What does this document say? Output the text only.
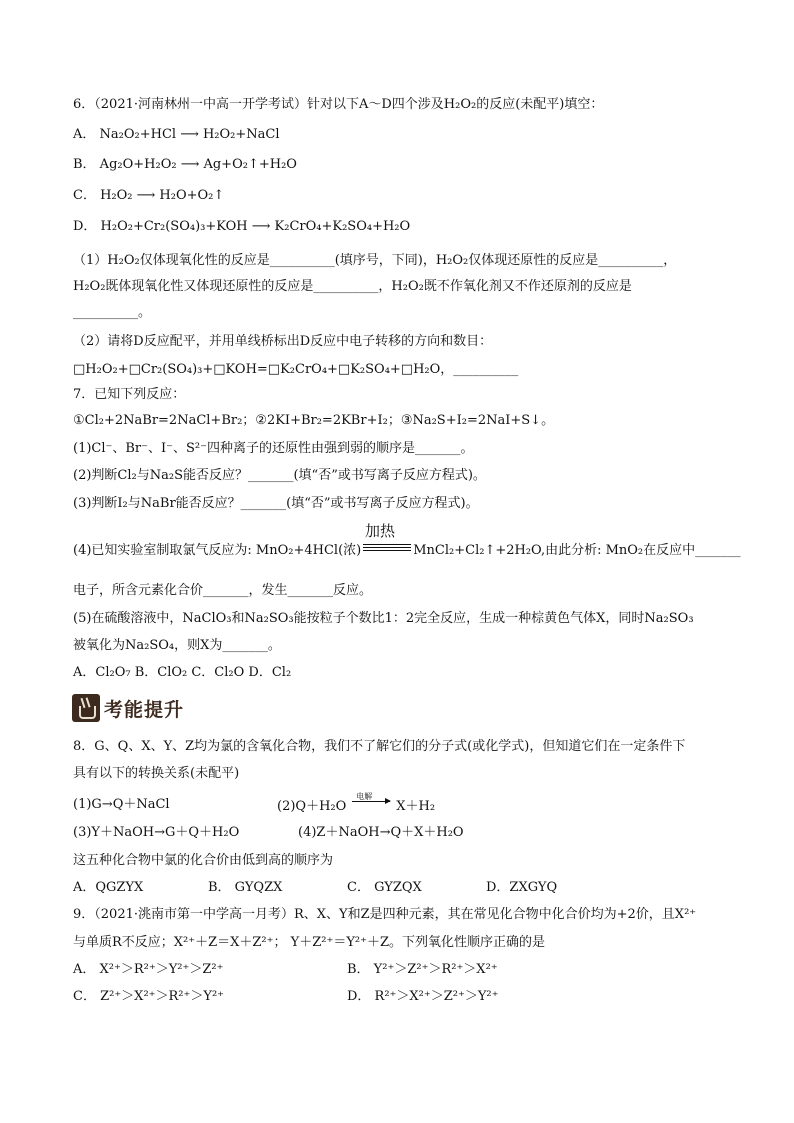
6．（2021·河南林州一中高一开学考试）针对以下A～D四个涉及H₂O₂的反应(未配平)填空：
A． Na₂O₂+HCl ⟶ H₂O₂+NaCl
B． Ag₂O+H₂O₂ ⟶ Ag+O₂↑+H₂O
C． H₂O₂ ⟶ H₂O+O₂↑
D． H₂O₂+Cr₂(SO₄)₃+KOH ⟶ K₂CrO₄+K₂SO₄+H₂O
（1）H₂O₂仅体现氧化性的反应是__________(填序号，下同)，H₂O₂仅体现还原性的反应是__________，
H₂O₂既体现氧化性又体现还原性的反应是__________，H₂O₂既不作氧化剂又不作还原剂的反应是
__________。
（2）请将D反应配平，并用单线桥标出D反应中电子转移的方向和数目：
□H₂O₂+□Cr₂(SO₄)₃+□KOH=□K₂CrO₄+□K₂SO₄+□H₂O，__________
7．已知下列反应：
①Cl₂+2NaBr=2NaCl+Br₂；②2KI+Br₂=2KBr+I₂；③Na₂S+I₂=2NaI+S↓。
(1)Cl⁻、Br⁻、I⁻、S²⁻四种离子的还原性由强到弱的顺序是_______。
(2)判断Cl₂与Na₂S能否反应？_______(填“否”或书写离子反应方程式)。
(3)判断I₂与NaBr能否反应？_______(填“否”或书写离子反应方程式)。
加热
(4)已知实验室制取氯气反应为: MnO₂+4HCl(浓)	MnCl₂+Cl₂↑+2H₂O,由此分析: MnO₂在反应中_______
电子，所含元素化合价_______，发生_______反应。
(5)在硫酸溶液中，NaClO₃和Na₂SO₃能按粒子个数比1：2完全反应，生成一种棕黄色气体X，同时Na₂SO₃
被氧化为Na₂SO₄，则X为_______。
A．Cl₂O₇ B．ClO₂ C．Cl₂O D．Cl₂
考能提升
8．G、Q、X、Y、Z均为氯的含氧化合物，我们不了解它们的分子式(或化学式)，但知道它们在一定条件下
具有以下的转换关系(未配平)
(1)G→Q＋NaCl	(2)Q＋H₂O
电解
X＋H₂
(3)Y＋NaOH→G＋Q＋H₂O	(4)Z＋NaOH→Q＋X＋H₂O
这五种化合物中氯的化合价由低到高的顺序为
A．QGZYX	B． GYQZX	C． GYZQX	D．ZXGYQ
9．（2021·洮南市第一中学高一月考）R、X、Y和Z是四种元素，其在常见化合物中化合价均为+2价，且X²⁺
与单质R不反应；X²⁺＋Z＝X＋Z²⁺； Y＋Z²⁺＝Y²⁺＋Z。下列氧化性顺序正确的是
A． X²⁺＞R²⁺＞Y²⁺＞Z²⁺	B． Y²⁺＞Z²⁺＞R²⁺＞X²⁺
C． Z²⁺＞X²⁺＞R²⁺＞Y²⁺	D． R²⁺＞X²⁺＞Z²⁺＞Y²⁺
